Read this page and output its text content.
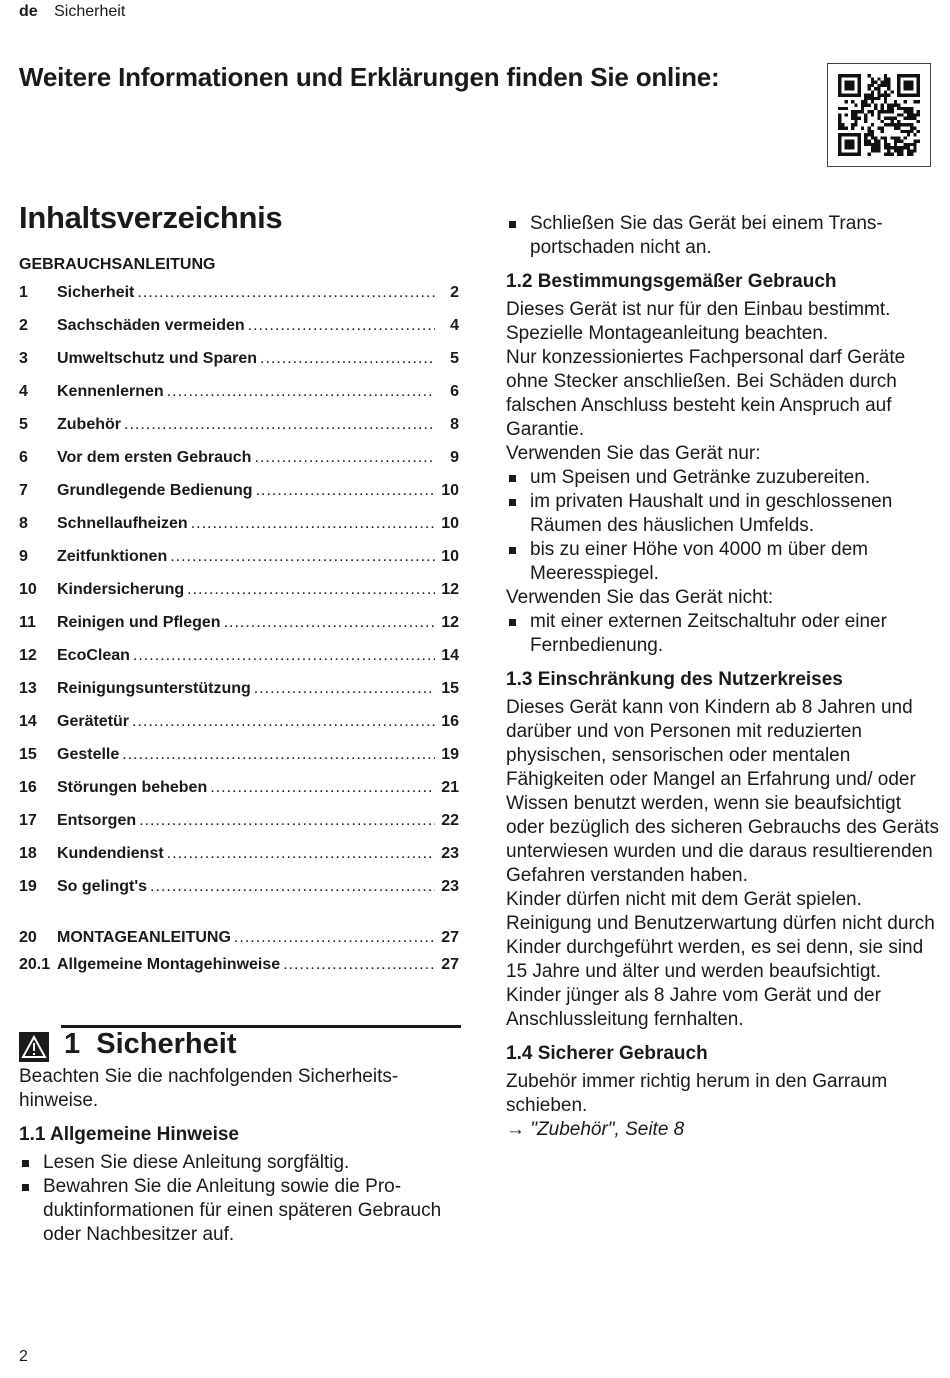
de Sicherheit
Weitere Informationen und Erklärungen finden Sie online:
Inhaltsverzeichnis
GEBRAUCHSANLEITUNG
1	Sicherheit .....	2
2	Sachschäden vermeiden .....	4
3	Umweltschutz und Sparen .....	5
4	Kennenlernen .....	6
5	Zubehör .....	8
6	Vor dem ersten Gebrauch .....	9
7	Grundlegende Bedienung .....	10
8	Schnellaufheizen .....	10
9	Zeitfunktionen .....	10
10	Kindersicherung .....	12
11	Reinigen und Pflegen .....	12
12	EcoClean .....	14
13	Reinigungsunterstützung .....	15
14	Gerätetür .....	16
15	Gestelle .....	19
16	Störungen beheben .....	21
17	Entsorgen .....	22
18	Kundendienst .....	23
19	So gelingt's .....	23
20	MONTAGEANLEITUNG .....	27
20.1 Allgemeine Montagehinweise .....	27
1 Sicherheit

Beachten Sie die nachfolgenden Sicherheitshinweise.

1.1 Allgemeine Hinweise
Lesen Sie diese Anleitung sorgfältig.
Bewahren Sie die Anleitung sowie die Produktinformationen für einen späteren Gebrauch oder Nachbesitzer auf.
Schließen Sie das Gerät bei einem Transportschaden nicht an.
1.2 Bestimmungsgemäßer Gebrauch

Dieses Gerät ist nur für den Einbau bestimmt. Spezielle Montageanleitung beachten.

Nur konzessioniertes Fachpersonal darf Geräte ohne Stecker anschließen. Bei Schäden durch falschen Anschluss besteht kein Anspruch auf Garantie.

Verwenden Sie das Gerät nur:

um Speisen und Getränke zuzubereiten.
im privaten Haushalt und in geschlossenen Räumen des häuslichen Umfelds.
bis zu einer Höhe von 4000 m über dem Meeresspiegel.

Verwenden Sie das Gerät nicht:

mit einer externen Zeitschaltuhr oder einer Fernbedienung.
1.3 Einschränkung des Nutzerkreises

Dieses Gerät kann von Kindern ab 8 Jahren und darüber und von Personen mit reduzierten physischen, sensorischen oder mentalen Fähigkeiten oder Mangel an Erfahrung und/ oder Wissen benutzt werden, wenn sie beaufsichtigt oder bezüglich des sicheren Gebrauchs des Geräts unterwiesen wurden und die daraus resultierenden Gefahren verstanden haben.

Kinder dürfen nicht mit dem Gerät spielen.

Reinigung und Benutzerwartung dürfen nicht durch Kinder durchgeführt werden, es sei denn, sie sind 15 Jahre und älter und werden beaufsichtigt.

Kinder jünger als 8 Jahre vom Gerät und der Anschlussleitung fernhalten.

1.4 Sicherer Gebrauch

Zubehör immer richtig herum in den Garraum schieben.

→ "Zubehör", Seite 8

2
